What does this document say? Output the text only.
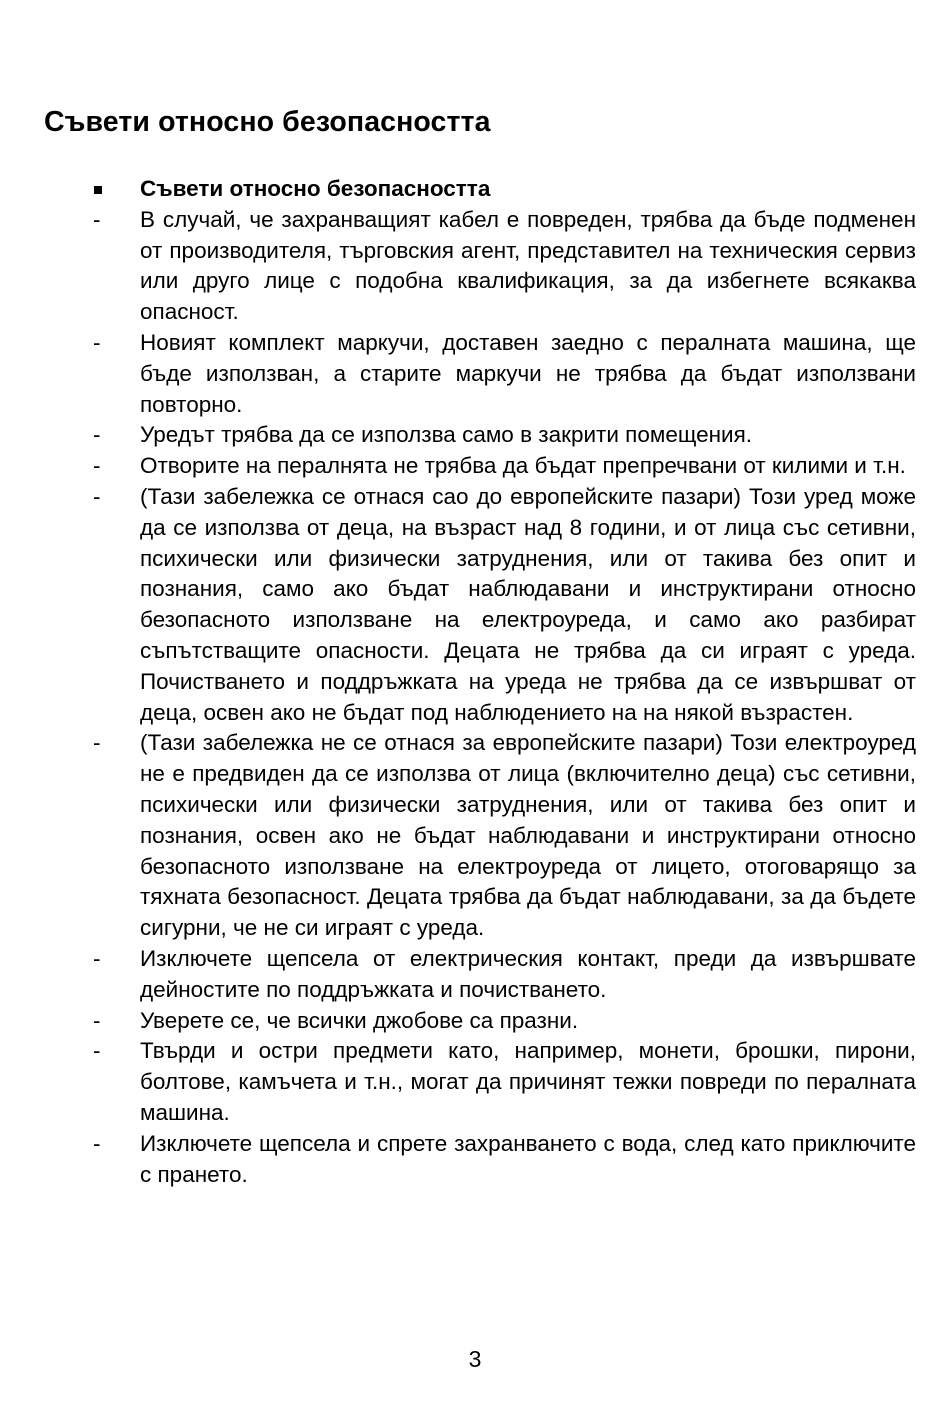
Съвети относно безопасността
Съвети относно безопасността
-	В случай, че захранващият кабел е повреден, трябва да бъде подменен от производителя, търговския агент, представител на техническия сервиз или друго лице с подобна квалификация, за да избегнете всякаква опасност.
-	Новият комплект маркучи, доставен заедно с пералната машина, ще бъде използван, а старите маркучи не трябва да бъдат използвани повторно.
-	Уредът трябва да се използва само в закрити помещения.
-	Отворите на пералнята не трябва да бъдат препречвани от килими и т.н.
-	(Тази забележка се отнася сао до европейските пазари) Този уред може да се използва от деца, на възраст над 8 години, и от лица със сетивни, психически или физически затруднения, или от такива без опит и познания, само ако бъдат наблюдавани и инструктирани относно безопасното използване на електроуреда, и само ако разбират съпътстващите опасности. Децата не трябва да си играят с уреда. Почистването и поддръжката на уреда не трябва да се извършват от деца, освен ако не бъдат под наблюдението на на някой възрастен.
-	(Тази забележка не се отнася за европейските пазари) Този електроуред не е предвиден да се използва от лица (включително деца) със сетивни, психически или физически затруднения, или от такива без опит и познания, освен ако не бъдат наблюдавани и инструктирани относно безопасното използване на електроуреда от лицето, отоговарящо за тяхната безопасност. Децата трябва да бъдат наблюдавани, за да бъдете сигурни, че не си играят с уреда.
-	Изключете щепсела от електрическия контакт, преди да извършвате дейностите по поддръжката и почистването.
-	Уверете се, че всички джобове са празни.
-	Твърди и остри предмети като, например, монети, брошки, пирони, болтове, камъчета и т.н., могат да причинят тежки повреди по пералната машина.
-	Изключете щепсела и спрете захранването с вода, след като приключите с прането.
3
